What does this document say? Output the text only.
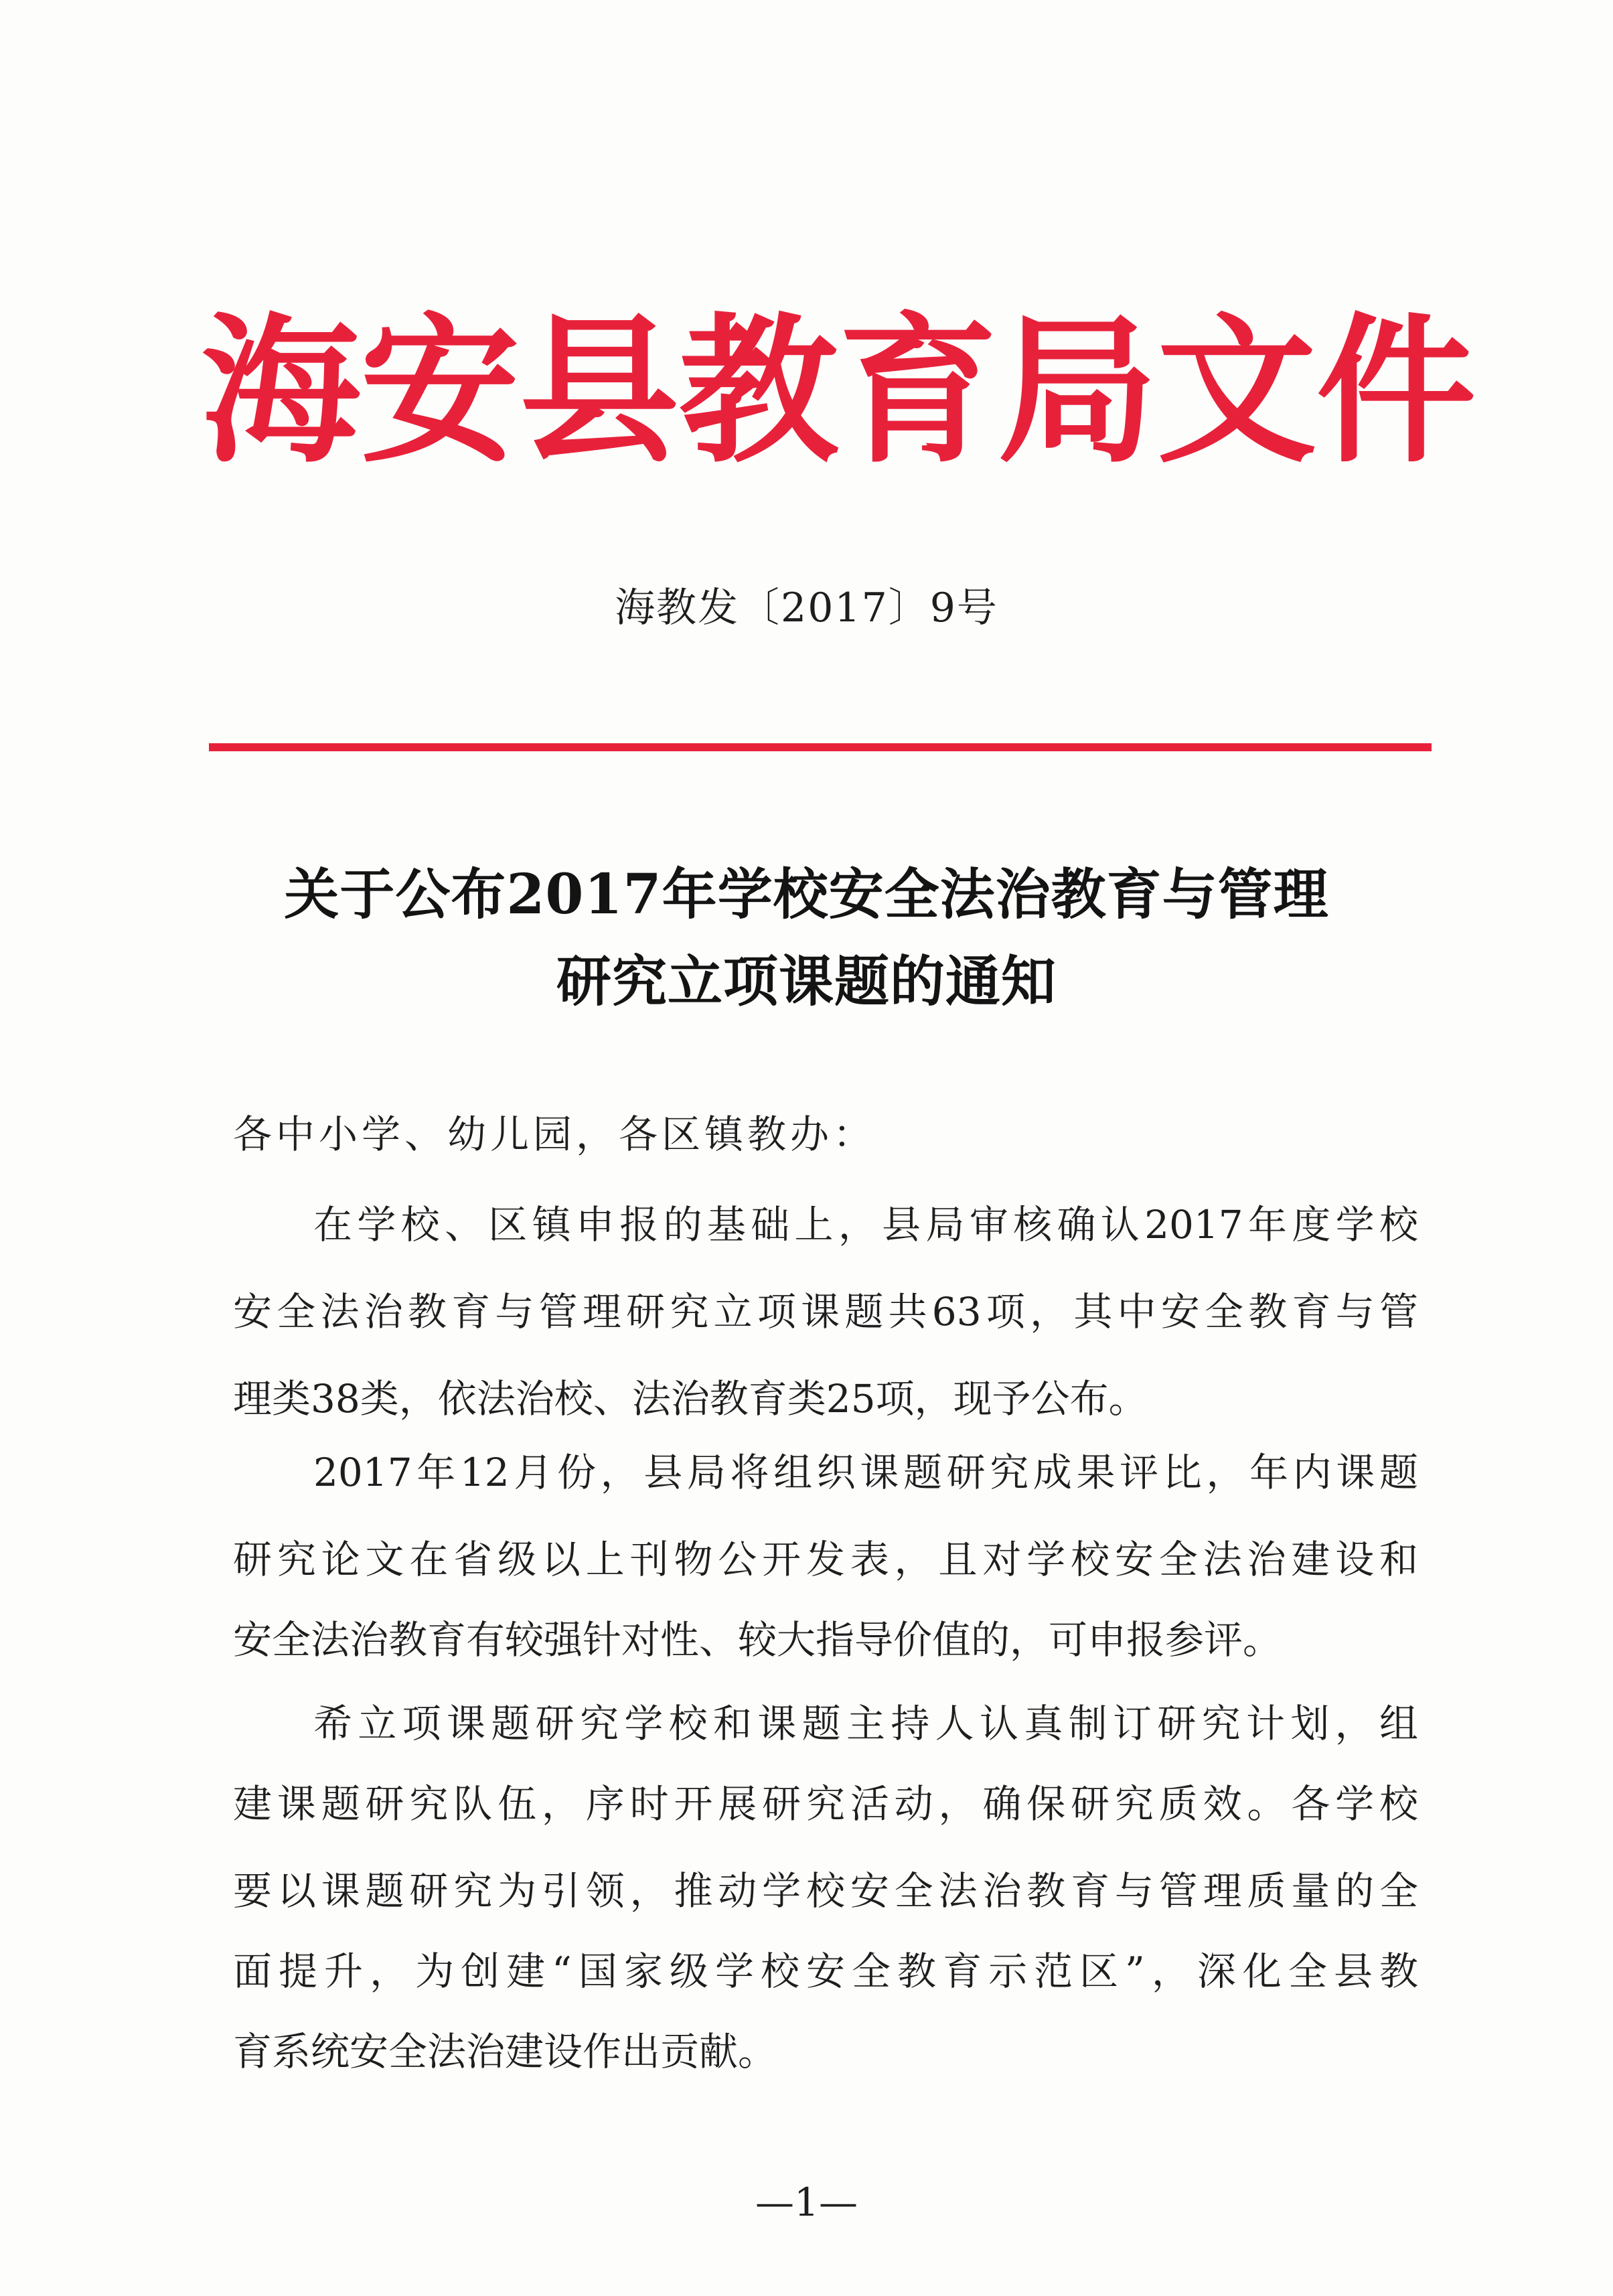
海 安 县 教 育 局 文 件
海教发〔2017〕9号
关于公布2017年学校安全法治教育与管理
研究立项课题的通知
各中小学、幼儿园，各区镇教办：
在学校、区镇申报的基础上，县局审核确认2017年度学校
安全法治教育与管理研究立项课题共63项，其中安全教育与管
理类38类，依法治校、法治教育类25项，现予公布。
2017年12月份，县局将组织课题研究成果评比，年内课题
研究论文在省级以上刊物公开发表，且对学校安全法治建设和
安全法治教育有较强针对性、较大指导价值的，可申报参评。
希立项课题研究学校和课题主持人认真制订研究计划，组
建课题研究队伍，序时开展研究活动，确保研究质效。各学校
要以课题研究为引领，推动学校安全法治教育与管理质量的全
面提升，为创建“国家级学校安全教育示范区”，深化全县教
育系统安全法治建设作出贡献。
—1—
